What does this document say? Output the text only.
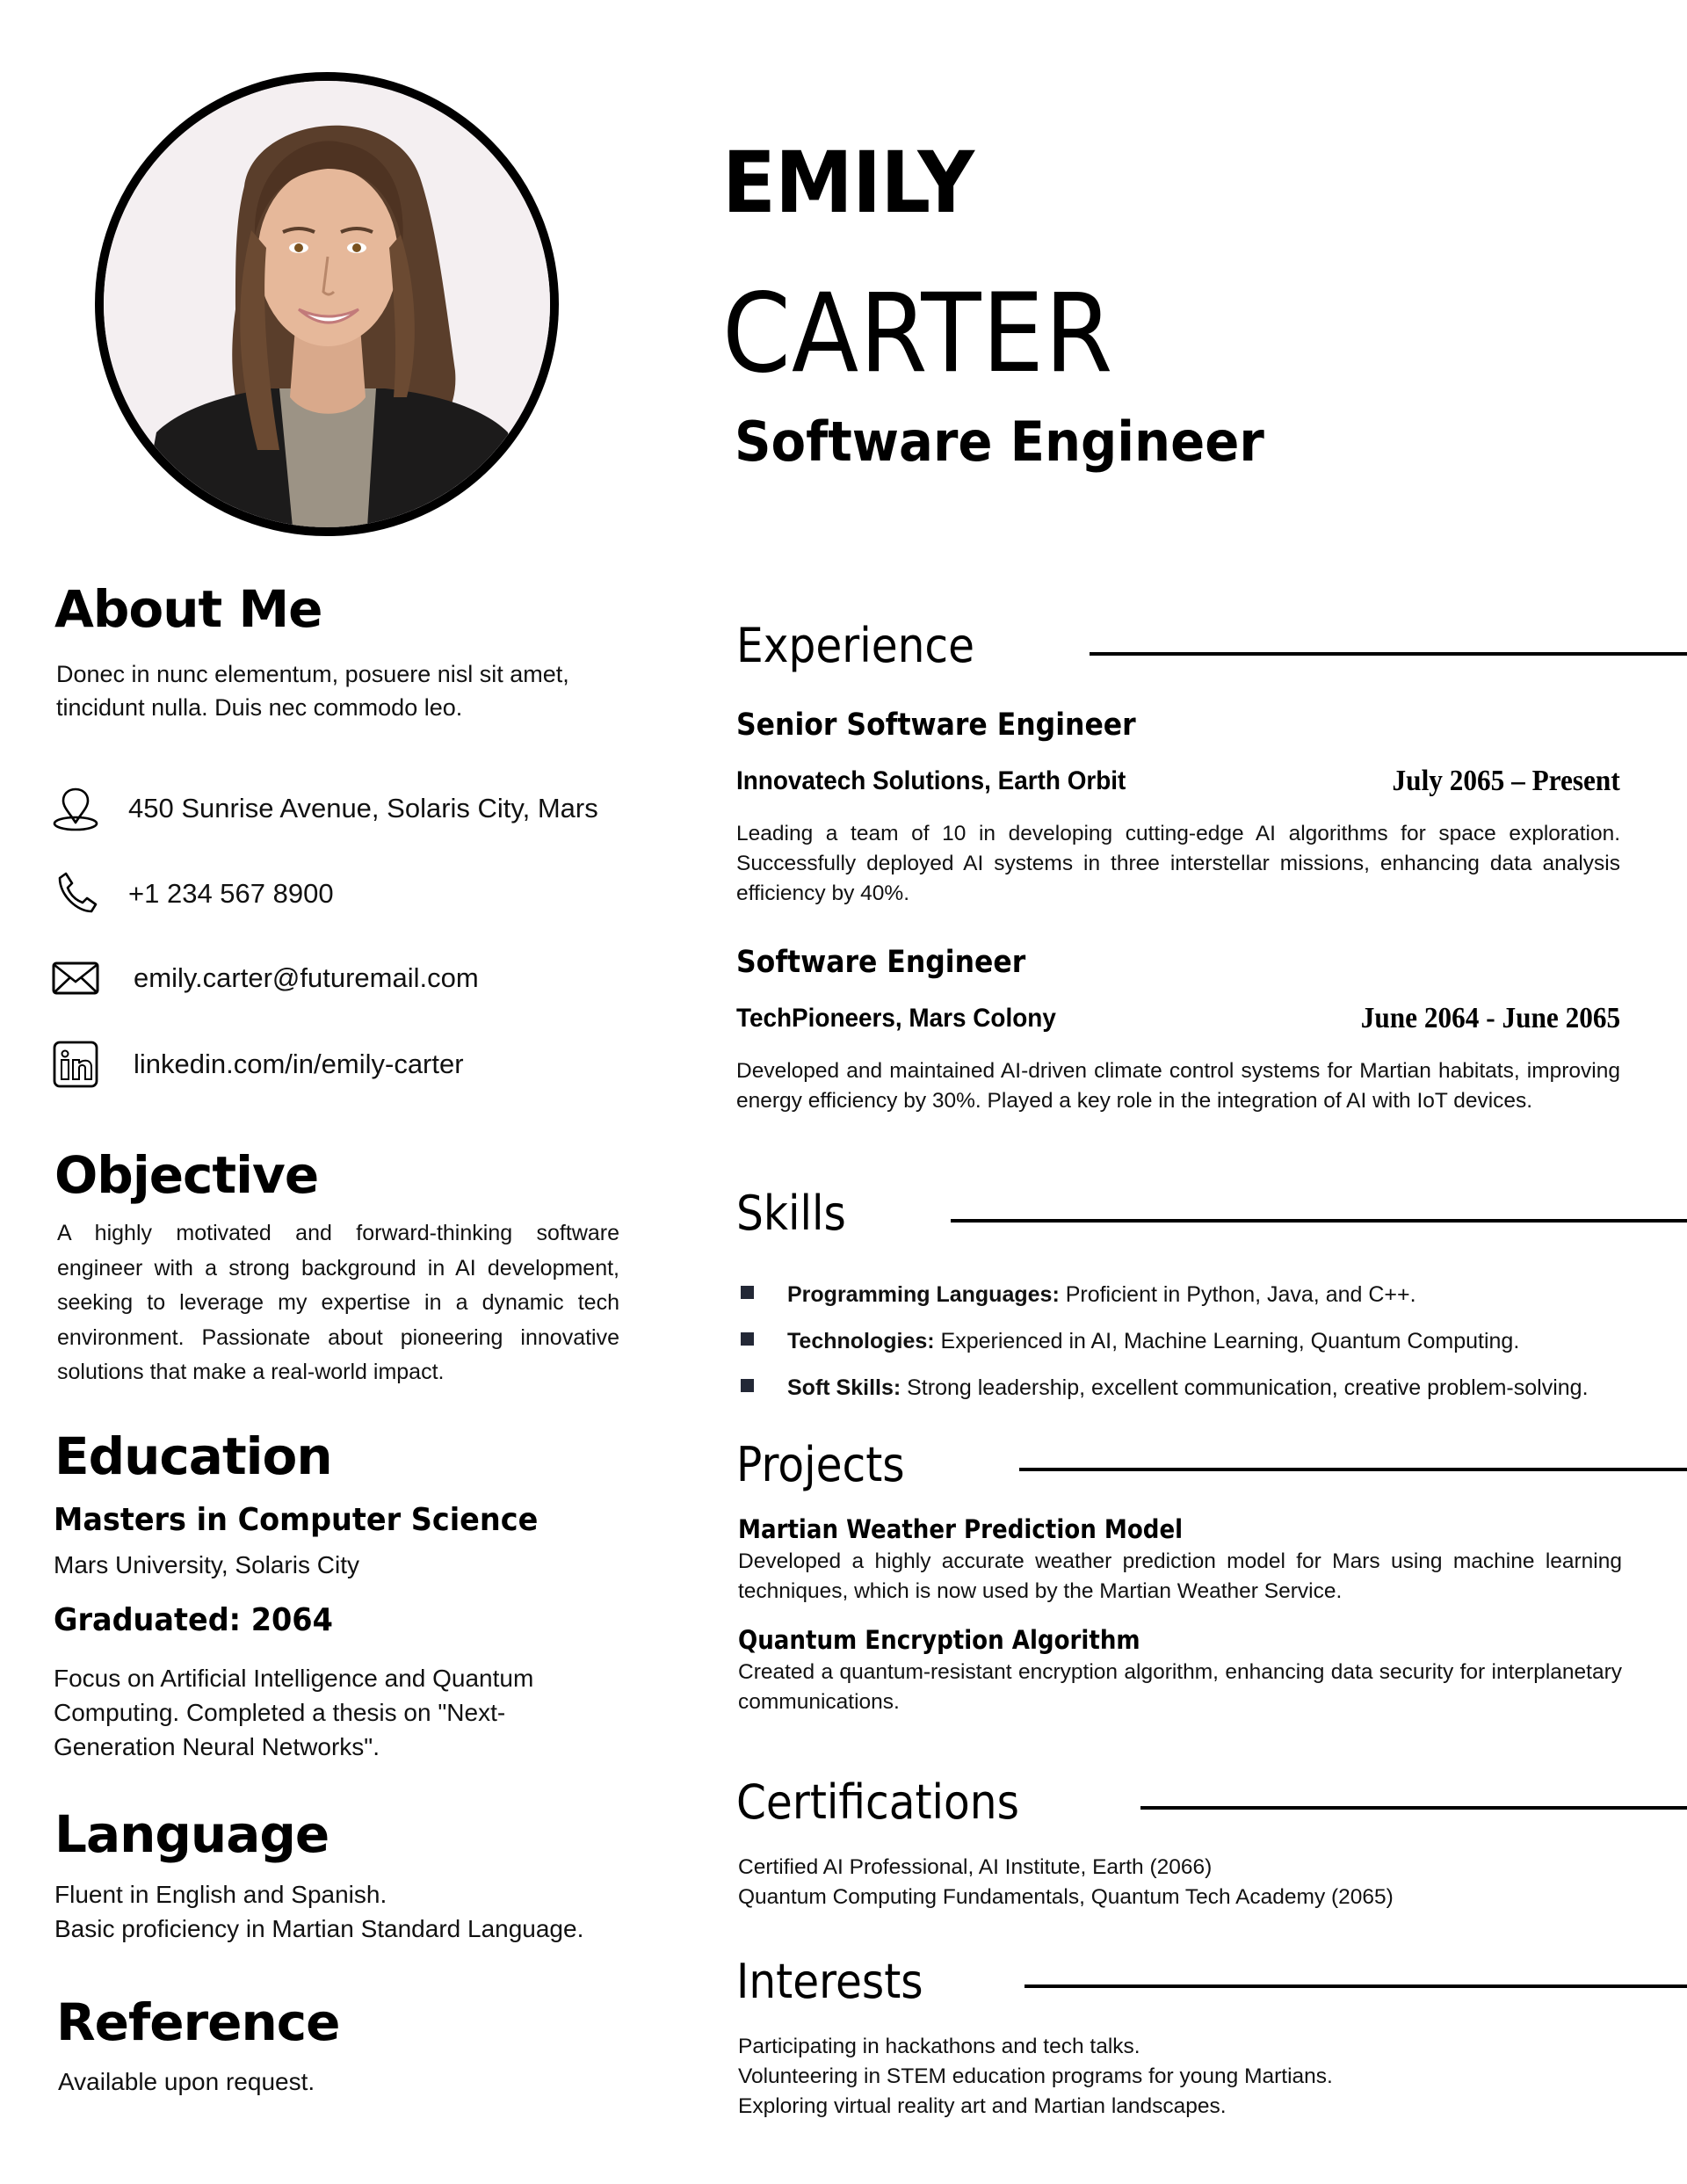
EMILY
CARTER
Software Engineer
About Me
Donec in nunc elementum, posuere nisl sit amet, tincidunt nulla. Duis nec commodo leo.
450 Sunrise Avenue, Solaris City, Mars
+1 234 567 8900
emily.carter@futuremail.com
linkedin.com/in/emily-carter
Objective
A highly motivated and forward-thinking software engineer with a strong background in AI development, seeking to leverage my expertise in a dynamic tech environment. Passionate about pioneering innovative solutions that make a real-world impact.
Education
Masters in Computer Science
Mars University, Solaris City
Graduated: 2064
Focus on Artificial Intelligence and Quantum Computing. Completed a thesis on "Next-Generation Neural Networks".
Language
Fluent in English and Spanish.
Basic proficiency in Martian Standard Language.
Reference
Available upon request.
Experience
Senior Software Engineer
Innovatech Solutions, Earth Orbit	July 2065 – Present
Leading a team of 10 in developing cutting-edge AI algorithms for space exploration. Successfully deployed AI systems in three interstellar missions, enhancing data analysis efficiency by 40%.
Software Engineer
TechPioneers, Mars Colony	June 2064 - June 2065
Developed and maintained AI-driven climate control systems for Martian habitats, improving energy efficiency by 30%. Played a key role in the integration of AI with IoT devices.
Skills
Programming Languages: Proficient in Python, Java, and C++.
Technologies: Experienced in AI, Machine Learning, Quantum Computing.
Soft Skills: Strong leadership, excellent communication, creative problem-solving.
Projects
Martian Weather Prediction Model
Developed a highly accurate weather prediction model for Mars using machine learning techniques, which is now used by the Martian Weather Service.
Quantum Encryption Algorithm
Created a quantum-resistant encryption algorithm, enhancing data security for interplanetary communications.
Certifications
Certified AI Professional, AI Institute, Earth (2066)
Quantum Computing Fundamentals, Quantum Tech Academy (2065)
Interests
Participating in hackathons and tech talks.
Volunteering in STEM education programs for young Martians.
Exploring virtual reality art and Martian landscapes.
